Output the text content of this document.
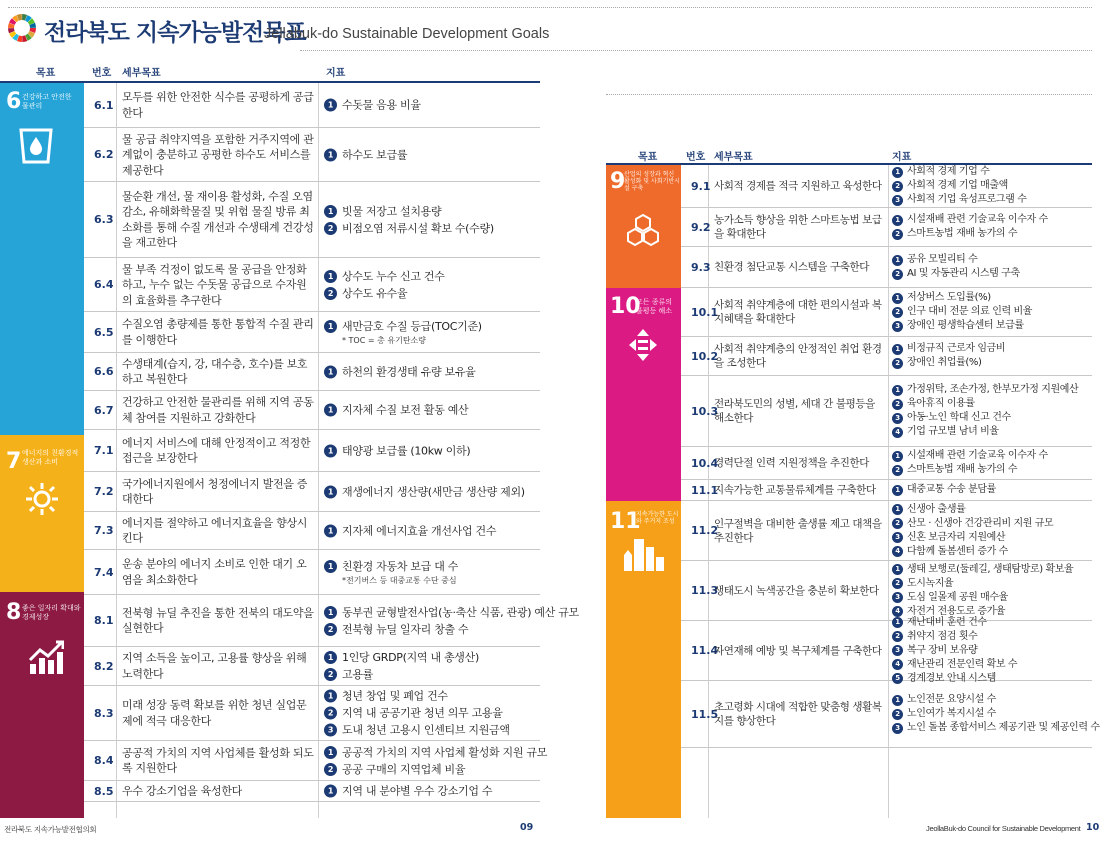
전라북도 지속가능발전목표
Jellabuk-do Sustainable Development Goals
목표	번호 세부목표	지표
6 건강하고 안전한 물관리
7 에너지의 친환경적 생산과 소비
8 좋은 일자리 확대와 경제성장
6.1
모두를 위한 안전한 식수를 공평하게 공급한다
1 수돗물 음용 비율
6.2
물 공급 취약지역을 포함한 거주지역에 관계없이 충분하고 공평한 하수도 서비스를 제공한다
1 하수도 보급률
6.3
물순환 개선, 물 재이용 활성화, 수질 오염 감소, 유해화학물질 및 위험 물질 방류 최소화를 통해 수질 개선과 수생태계 건강성을 재고한다
1 빗물 저장고 설치용량
2 비점오염 저류시설 확보 수(수량)
6.4
물 부족 걱정이 없도록 물 공급을 안정화하고, 누수 없는 수돗물 공급으로 수자원의 효율화를 추구한다
1 상수도 누수 신고 건수
2 상수도 유수율
6.5
수질오염 총량제를 통한 통합적 수질 관리를 이행한다
1 새만금호 수질 등급(TOC기준)
* TOC = 총 유기탄소량
6.6
수생태계(습지, 강, 대수층, 호수)를 보호하고 복원한다
1 하천의 환경생태 유량 보유율
6.7
건강하고 안전한 물관리를 위해 지역 공동체 참여를 지원하고 강화한다
1 지자체 수질 보전 활동 예산
7.1
에너지 서비스에 대해 안정적이고 적정한 접근을 보장한다
1 태양광 보급률 (10kw 이하)
7.2
국가에너지원에서 청정에너지 발전을 증대한다
1 재생에너지 생산량(새만금 생산량 제외)
7.3
에너지를 절약하고 에너지효율을 향상시킨다
1 지자체 에너지효율 개선사업 건수
7.4
운송 분야의 에너지 소비로 인한 대기 오염을 최소화한다
1 친환경 자동차 보급 대 수
*전기버스 등 대중교통 수단 중심
8.1
전북형 뉴딜 추진을 통한 전북의 대도약을 실현한다
1 동부권 균형발전사업(농·축산 식품, 관광) 예산 규모
2 전북형 뉴딜 일자리 창출 수
8.2
지역 소득을 높이고, 고용률 향상을 위해 노력한다
1 1인당 GRDP(지역 내 총생산)
2 고용률
8.3
미래 성장 동력 확보를 위한 청년 실업문제에 적극 대응한다
1 청년 창업 및 폐업 건수
2 지역 내 공공기관 청년 의무 고용율
3 도내 청년 고용시 인센티브 지원금액
8.4
공공적 가치의 지역 사업체를 활성화 되도록 지원한다
1 공공적 가치의 지역 사업체 활성화 지원 규모
2 공공 구매의 지역업체 비율
8.5 우수 강소기업을 육성한다	1 지역 내 분야별 우수 강소기업 수
전라북도 지속가능발전협의회	09
목표	번호 세부목표	지표
9
산업의 성장과 혁신 활성화 및 사회기반시설 구축
10
모든 종류의 불평등 해소
11
지속가능한 도시와 주거지 조성
9.1 사회적 경제를 적극 지원하고 육성한다
1 사회적 경제 기업 수
2 사회적 경제 기업 매출액
3 사회적 기업 육성프로그램 수
9.2
농가소득 향상을 위한 스마트농법 보급을 확대한다
1 시설재배 관련 기술교육 이수자 수
2 스마트농법 재배 농가의 수
9.3 친환경 첨단교통 시스템을 구축한다
1 공유 모빌리티 수
2 AI 및 자동관리 시스템 구축
10.1
사회적 취약계층에 대한 편의시설과 복지혜택을 확대한다
1 저상버스 도입률(%)
2 인구 대비 전문 의료 인력 비율
3 장애인 평생학습센터 보급률
10.2
사회적 취약계층의 안정적인 취업 환경을 조성한다
1 비정규직 근로자 임금비
2 장애인 취업률(%)
10.3
전라북도민의 성별, 세대 간 불평등을 해소한다
1 가정위탁, 조손가정, 한부모가정 지원예산
2 육아휴직 이용률
3 아동·노인 학대 신고 건수
4 기업 규모별 남녀 비율
10.4
경력단절 인력 지원정책을 추진한다
1 시설재배 관련 기술교육 이수자 수
2 스마트농법 재배 농가의 수
11.1
지속가능한 교통물류체계를 구축한다	1 대중교통 수송 분담률
11.2
인구절벽을 대비한 출생률 제고 대책을 추진한다
1 신생아 출생률
2 산모 · 신생아 건강관리비 지원 규모
3 신혼 보금자리 지원예산
4 다함께 돌봄센터 증가 수
11.3
생태도시 녹색공간을 충분히 확보한다
1 생태 보행로(둘레길, 생태탐방로) 확보율
2 도시녹지율
3 도심 일몰제 공원 매수율
4 자전거 전용도로 증가율
11.4
자연재해 예방 및 복구체계를 구축한다
1 재난대비 훈련 건수
2 취약지 점검 횟수
3 복구 장비 보유량
4 재난관리 전문인력 확보 수
5 경계경보 안내 시스템
11.5
초고령화 시대에 적합한 맞춤형 생활복지를 향상한다
1 노인전문 요양시설 수
2 노인여가 복지시설 수
3 노인 돌봄 종합서비스 제공기관 및 제공인력 수
JeollaBuk-do Council for Sustainable Development 10
